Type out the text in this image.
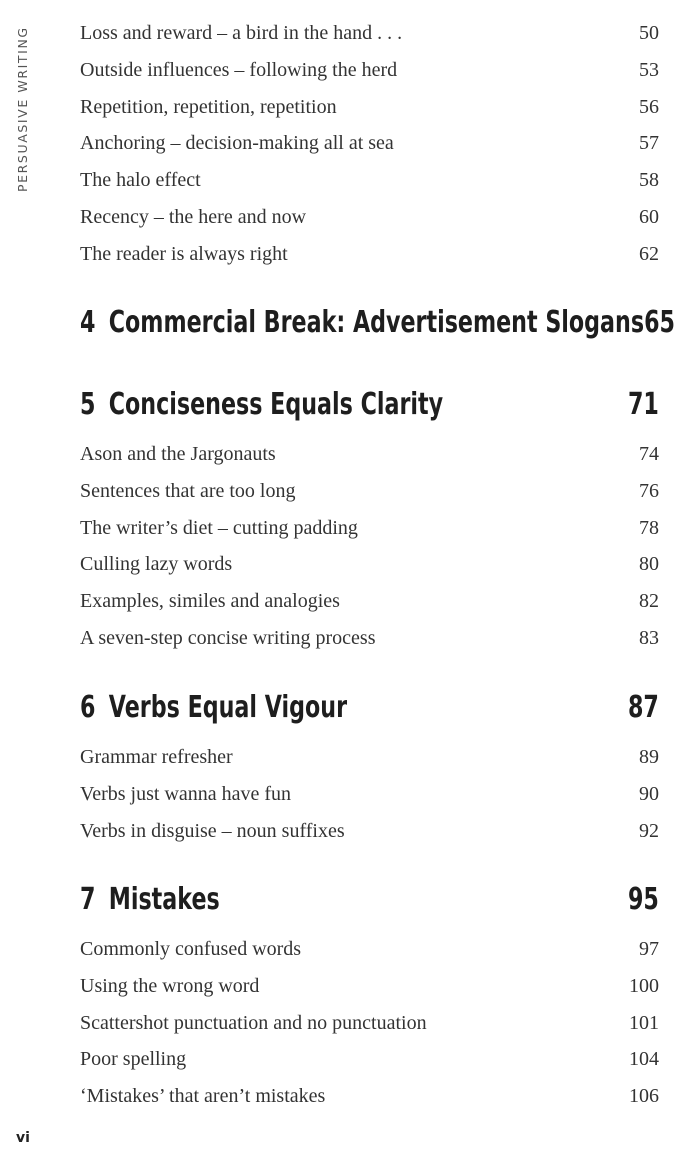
PERSUASIVE WRITING	Loss and reward – a bird in the hand . . .	50
Outside influences – following the herd	53
Repetition, repetition, repetition	56
Anchoring – decision-making all at sea	57
The halo effect	58
Recency – the here and now	60
The reader is always right	62
4 Commercial Break: Advertisement Slogans 65
5 Conciseness Equals Clarity	71
Ason and the Jargonauts	74
Sentences that are too long	76
The writer’s diet – cutting padding	78
Culling lazy words	80
Examples, similes and analogies	82
A seven-step concise writing process	83
6 Verbs Equal Vigour	87
Grammar refresher	89
Verbs just wanna have fun	90
Verbs in disguise – noun suffixes	92
7 Mistakes	95
Commonly confused words	97
Using the wrong word	100
Scattershot punctuation and no punctuation	101
Poor spelling	104
‘Mistakes’ that aren’t mistakes	106
vi
